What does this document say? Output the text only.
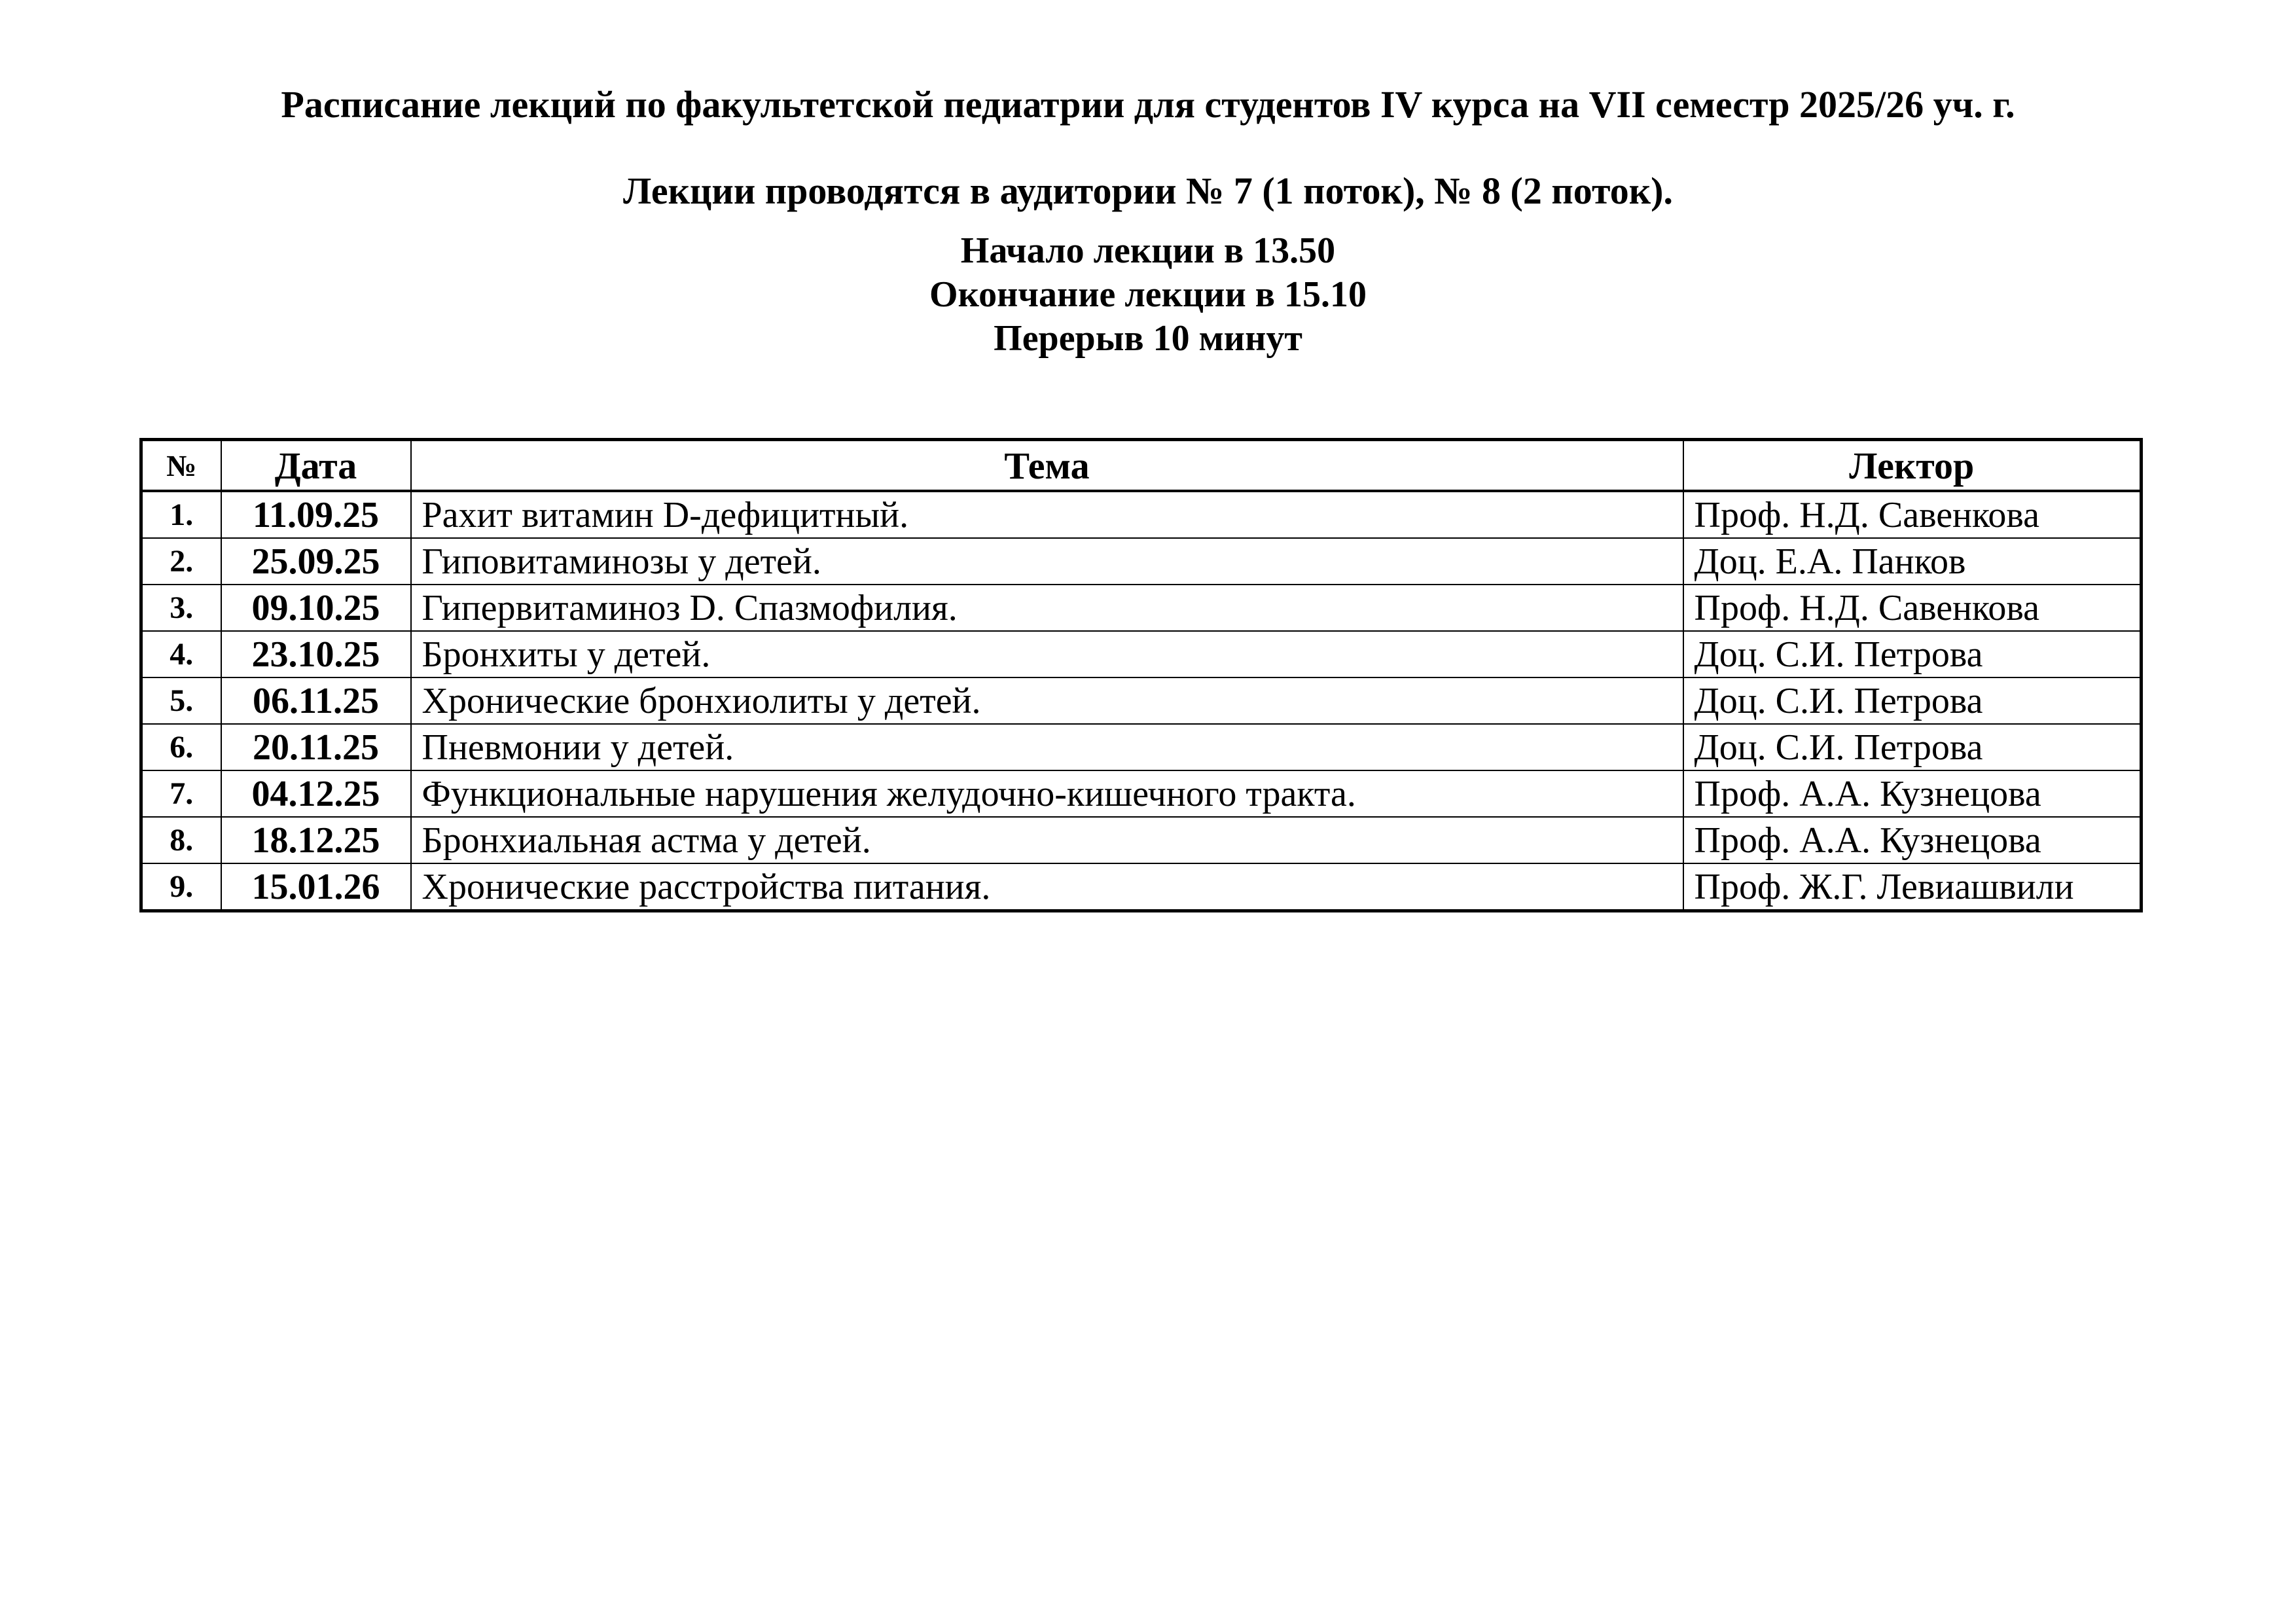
Расписание лекций по факультетской педиатрии для студентов IV курса на VII семестр 2025/26 уч. г.
Лекции проводятся в аудитории № 7 (1 поток), № 8 (2 поток).
Начало лекции в 13.50
Окончание лекции в 15.10
Перерыв 10 минут
№	Дата	Тема	Лектор
1.	11.09.25	Рахит витамин D-дефицитный.	Проф. Н.Д. Савенкова
2.	25.09.25	Гиповитаминозы у детей.	Доц. Е.А. Панков
3.	09.10.25	Гипервитаминоз D. Спазмофилия.	Проф. Н.Д. Савенкова
4.	23.10.25	Бронхиты у детей.	Доц. С.И. Петрова
5.	06.11.25	Хронические бронхиолиты у детей.	Доц. С.И. Петрова
6.	20.11.25	Пневмонии у детей.	Доц. С.И. Петрова
7.	04.12.25	Функциональные нарушения желудочно-кишечного тракта.	Проф. А.А. Кузнецова
8.	18.12.25	Бронхиальная астма у детей.	Проф. А.А. Кузнецова
9.	15.01.26	Хронические расстройства питания.	Проф. Ж.Г. Левиашвили
